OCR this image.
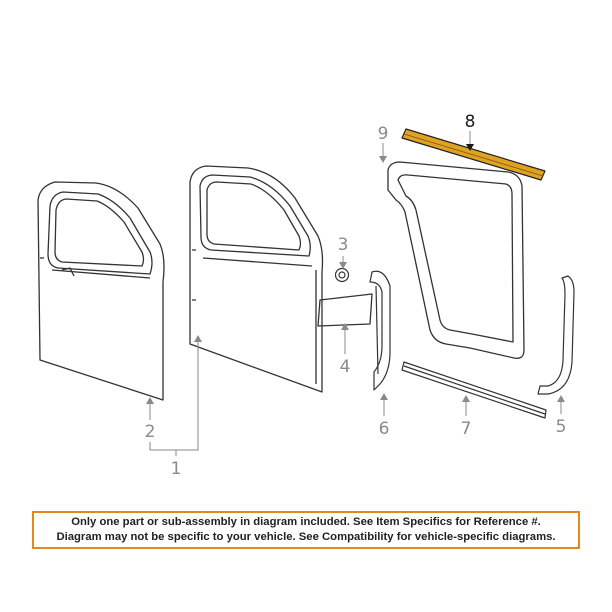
1
2
3
4
5
6	7
8
9
Only one part or sub-assembly in diagram included. See Item Specifics for Reference #.
Diagram may not be specific to your vehicle. See Compatibility for vehicle-specific diagrams.
